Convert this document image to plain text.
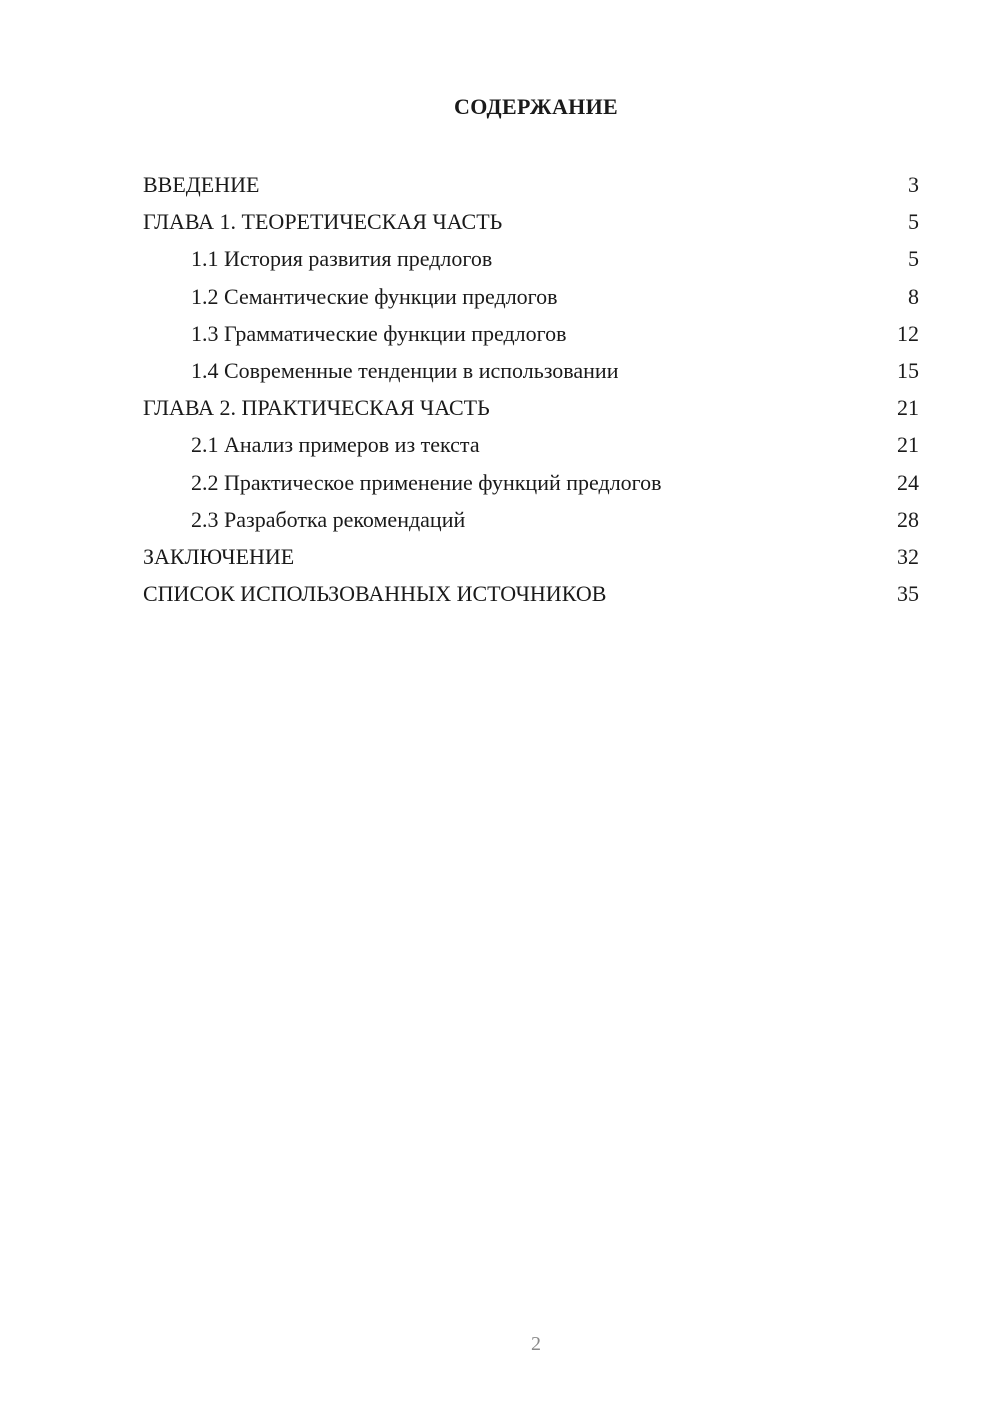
СОДЕРЖАНИЕ
ВВЕДЕНИЕ	3
ГЛАВА 1. ТЕОРЕТИЧЕСКАЯ ЧАСТЬ	5
1.1 История развития предлогов	5
1.2 Семантические функции предлогов	8
1.3 Грамматические функции предлогов	12
1.4 Современные тенденции в использовании	15
ГЛАВА 2. ПРАКТИЧЕСКАЯ ЧАСТЬ	21
2.1 Анализ примеров из текста	21
2.2 Практическое применение функций предлогов	24
2.3 Разработка рекомендаций	28
ЗАКЛЮЧЕНИЕ	32
СПИСОК ИСПОЛЬЗОВАННЫХ ИСТОЧНИКОВ	35
2
